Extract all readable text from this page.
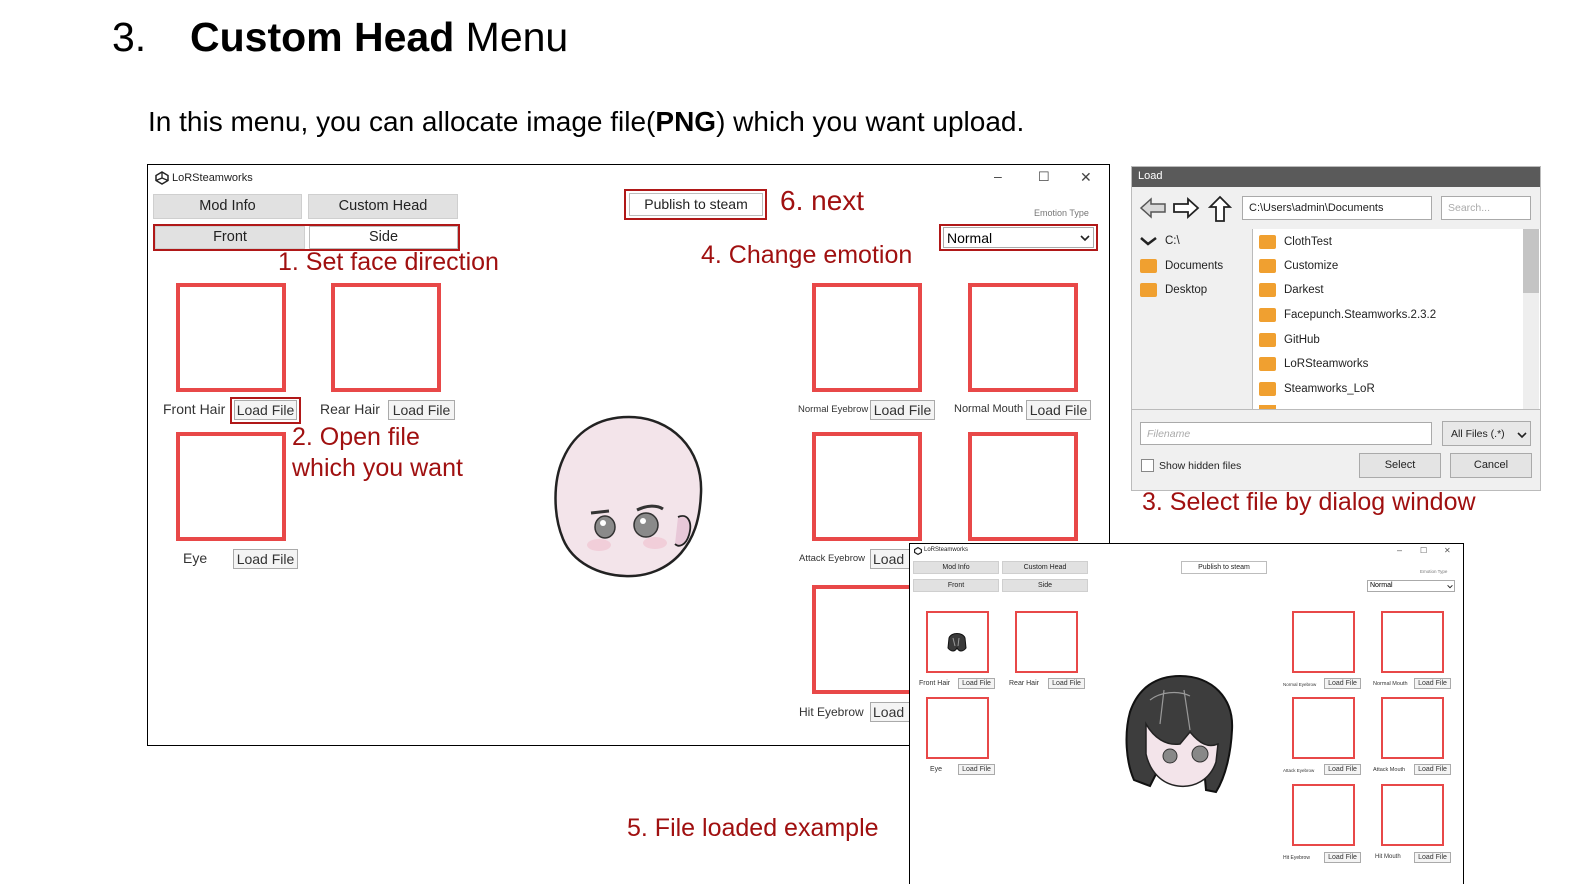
3. Custom Head Menu
In this menu, you can allocate image file(PNG) which you want upload.
LoRSteamworks	–	☐ ✕
Mod Info	Custom Head
Front	Side
Publish to steam
Emotion Type
Normal
Front Hair Load File Rear Hair Load File
Eye Load File
Normal Eyebrow Load File	Normal Mouth Load File
Attack Eyebrow Load
Hit Eyebrow Load
LoRSteamworks	– ☐ ✕
Mod Info	Custom Head
Front	Side
Publish to steam
Emotion Type
Normal
Front Hair	Load File	Rear Hair	Load File
Eye	Load File
Normal Eyebrow	Load File	Normal Mouth	Load File
Attack Eyebrow	Load File	Attack Mouth	Load File
Hit Eyebrow	Load File	Hit Mouth	Load File
Load
C:\Users\admin\Documents	Search...
C:\
Documents
Desktop
ClothTest
Customize
Darkest
Facepunch.Steamworks.2.3.2
GitHub
LoRSteamworks
Steamworks_LoR
Filename	All Files (.*)
Show hidden files	Select	Cancel
1. Set face direction
2. Open file
which you want
3. Select file by dialog window
4. Change emotion
5. File loaded example
6. next
